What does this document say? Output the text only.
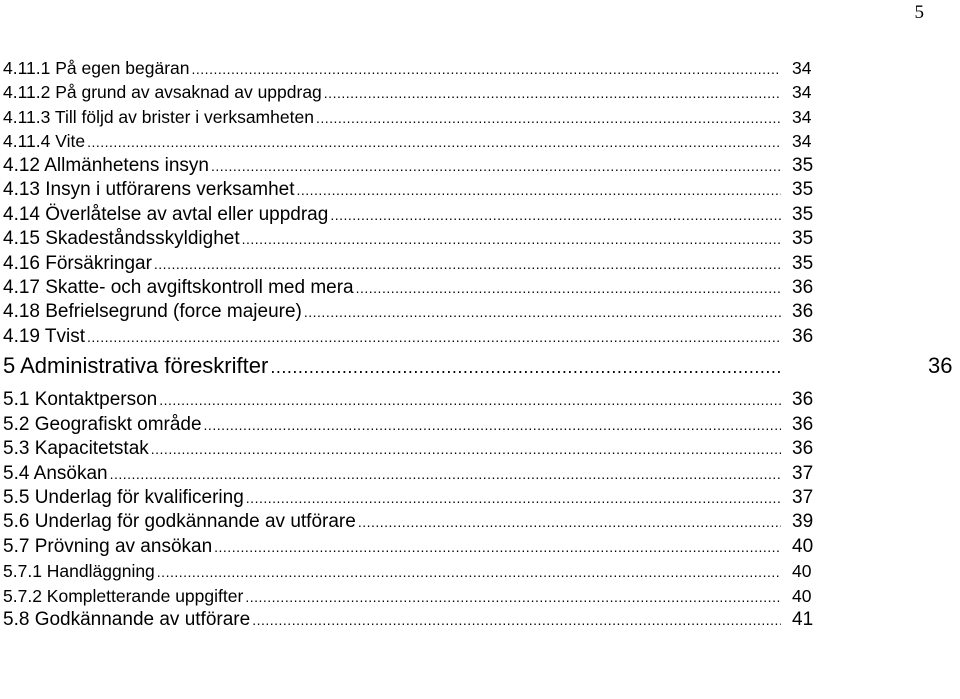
5
4.11.1 På egen begäran .....	34
4.11.2 På grund av avsaknad av uppdrag .....	34
4.11.3 Till följd av brister i verksamheten .....	34
4.11.4 Vite .....	34
4.12 Allmänhetens insyn .....	35
4.13 Insyn i utförarens verksamhet .....	35
4.14 Överlåtelse av avtal eller uppdrag .....	35
4.15 Skadeståndsskyldighet .....	35
4.16 Försäkringar .....	35
4.17 Skatte- och avgiftskontroll med mera .....	36
4.18 Befrielsegrund (force majeure) .....	36
4.19 Tvist .....	36
5 Administrativa föreskrifter .....	36
5.1 Kontaktperson .....	36
5.2 Geografiskt område .....	36
5.3 Kapacitetstak .....	36
5.4 Ansökan .....	37
5.5 Underlag för kvalificering .....	37
5.6 Underlag för godkännande av utförare .....	39
5.7 Prövning av ansökan .....	40
5.7.1 Handläggning .....	40
5.7.2 Kompletterande uppgifter .....	40
5.8 Godkännande av utförare .....	41
